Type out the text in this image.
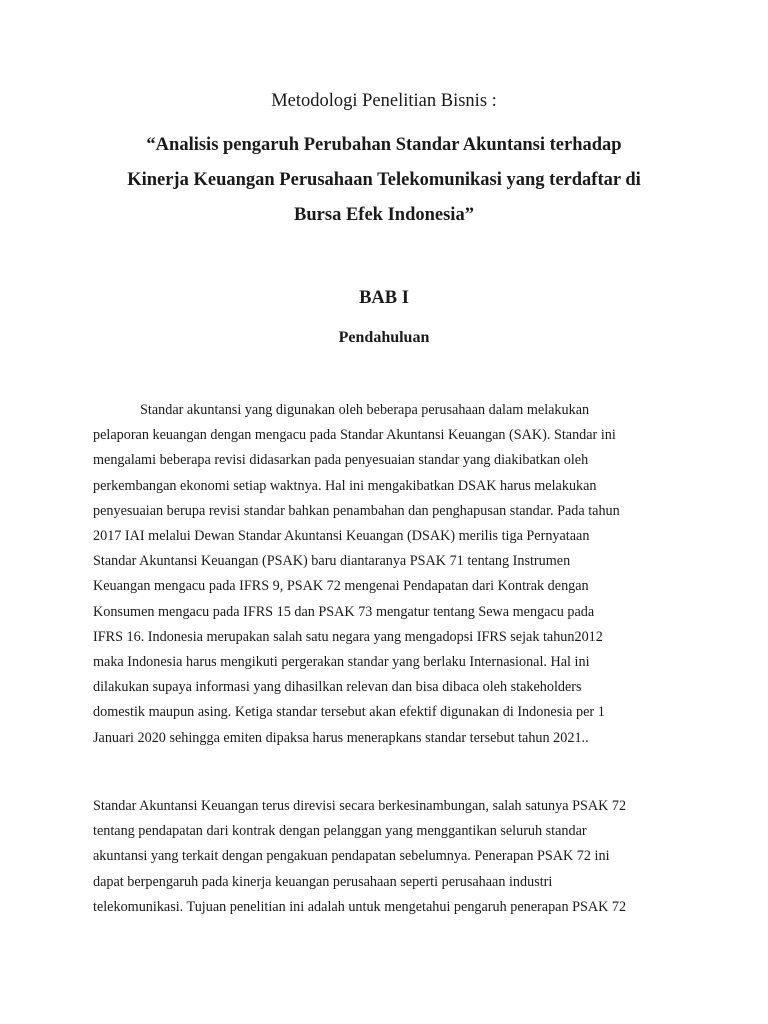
Metodologi Penelitian Bisnis :
“Analisis pengaruh Perubahan Standar Akuntansi terhadap
Kinerja Keuangan Perusahaan Telekomunikasi yang terdaftar di
Bursa Efek Indonesia”
BAB I
Pendahuluan
Standar akuntansi yang digunakan oleh beberapa perusahaan dalam melakukan
pelaporan keuangan dengan mengacu pada Standar Akuntansi Keuangan (SAK). Standar ini
mengalami beberapa revisi didasarkan pada penyesuaian standar yang diakibatkan oleh
perkembangan ekonomi setiap waktnya. Hal ini mengakibatkan DSAK harus melakukan
penyesuaian berupa revisi standar bahkan penambahan dan penghapusan standar. Pada tahun
2017 IAI melalui Dewan Standar Akuntansi Keuangan (DSAK) merilis tiga Pernyataan
Standar Akuntansi Keuangan (PSAK) baru diantaranya PSAK 71 tentang Instrumen
Keuangan mengacu pada IFRS 9, PSAK 72 mengenai Pendapatan dari Kontrak dengan
Konsumen mengacu pada IFRS 15 dan PSAK 73 mengatur tentang Sewa mengacu pada
IFRS 16. Indonesia merupakan salah satu negara yang mengadopsi IFRS sejak tahun2012
maka Indonesia harus mengikuti pergerakan standar yang berlaku Internasional. Hal ini
dilakukan supaya informasi yang dihasilkan relevan dan bisa dibaca oleh stakeholders
domestik maupun asing. Ketiga standar tersebut akan efektif digunakan di Indonesia per 1
Januari 2020 sehingga emiten dipaksa harus menerapkans standar tersebut tahun 2021..
Standar Akuntansi Keuangan terus direvisi secara berkesinambungan, salah satunya PSAK 72
tentang pendapatan dari kontrak dengan pelanggan yang menggantikan seluruh standar
akuntansi yang terkait dengan pengakuan pendapatan sebelumnya. Penerapan PSAK 72 ini
dapat berpengaruh pada kinerja keuangan perusahaan seperti perusahaan industri
telekomunikasi. Tujuan penelitian ini adalah untuk mengetahui pengaruh penerapan PSAK 72
